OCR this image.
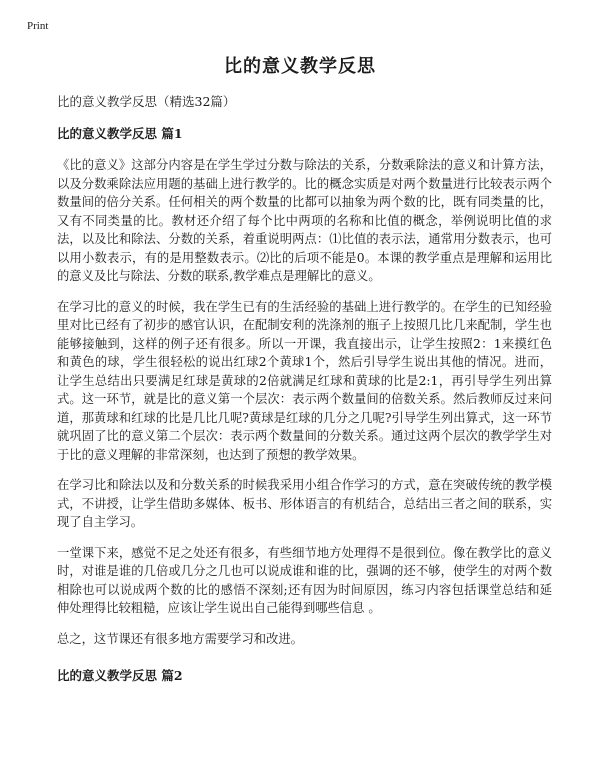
Print
比的意义教学反思
比的意义教学反思（精选32篇）
比的意义教学反思 篇1

《比的意义》这部分内容是在学生学过分数与除法的关系，分数乘除法的意义和计算方法，以及分数乘除法应用题的基础上进行教学的。比的概念实质是对两个数量进行比较表示两个数量间的倍分关系。任何相关的两个数量的比都可以抽象为两个数的比，既有同类量的比，又有不同类量的比。教材还介绍了每个比中两项的名称和比值的概念，举例说明比值的求法，以及比和除法、分数的关系，着重说明两点：⑴比值的表示法，通常用分数表示，也可以用小数表示，有的是用整数表示。⑵比的后项不能是0。本课的教学重点是理解和运用比的意义及比与除法、分数的联系,教学难点是理解比的意义。

在学习比的意义的时候，我在学生已有的生活经验的基础上进行教学的。在学生的已知经验里对比已经有了初步的感官认识，在配制安利的洗涤剂的瓶子上按照几比几来配制，学生也能够接触到，这样的例子还有很多。所以一开课，我直接出示，让学生按照2：1来摸红色和黄色的球，学生很轻松的说出红球2个黄球1个，然后引导学生说出其他的情况。进而，让学生总结出只要满足红球是黄球的2倍就满足红球和黄球的比是2:1，再引导学生列出算式。这一环节，就是比的意义第一个层次：表示两个数量间的倍数关系。然后教师反过来问道，那黄球和红球的比是几比几呢?黄球是红球的几分之几呢?引导学生列出算式，这一环节就巩固了比的意义第二个层次：表示两个数量间的分数关系。通过这两个层次的教学学生对于比的意义理解的非常深刻，也达到了预想的教学效果。

在学习比和除法以及和分数关系的时候我采用小组合作学习的方式，意在突破传统的教学模式，不讲授，让学生借助多媒体、板书、形体语言的有机结合，总结出三者之间的联系，实现了自主学习。

一堂课下来，感觉不足之处还有很多，有些细节地方处理得不是很到位。像在教学比的意义时，对谁是谁的几倍或几分之几也可以说成谁和谁的比，强调的还不够，使学生的对两个数相除也可以说成两个数的比的感悟不深刻;还有因为时间原因，练习内容包括课堂总结和延伸处理得比较粗糙，应该让学生说出自己能得到哪些信息 。

总之，这节课还有很多地方需要学习和改进。

比的意义教学反思 篇2
